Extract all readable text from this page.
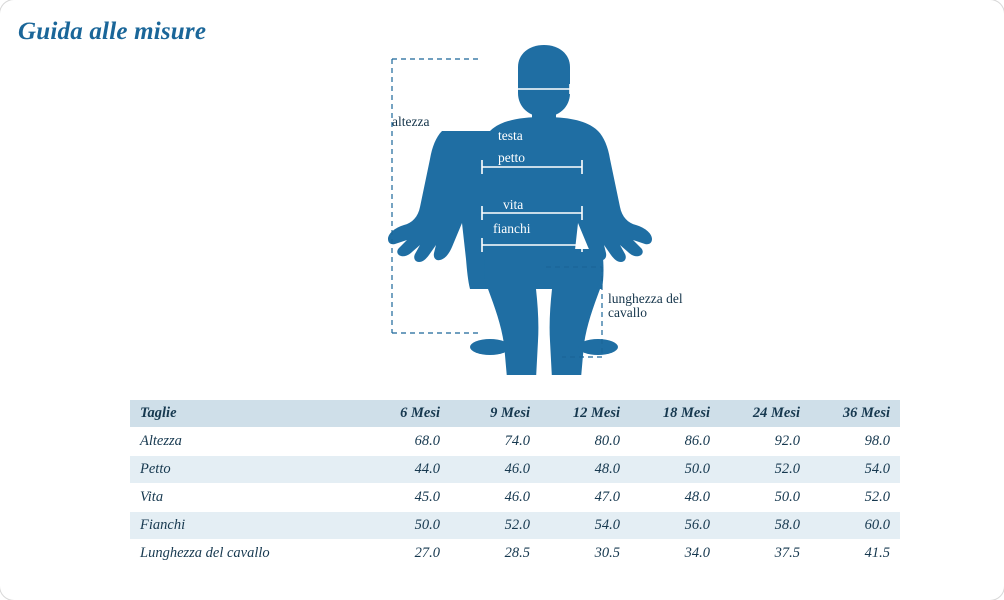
Guida alle misure
altezza
testa
petto
vita
fianchi
lunghezza del
cavallo
Taglie	6 Mesi	9 Mesi	12 Mesi	18 Mesi	24 Mesi	36 Mesi
Altezza	68.0	74.0	80.0	86.0	92.0	98.0
Petto	44.0	46.0	48.0	50.0	52.0	54.0
Vita	45.0	46.0	47.0	48.0	50.0	52.0
Fianchi	50.0	52.0	54.0	56.0	58.0	60.0
Lunghezza del cavallo	27.0	28.5	30.5	34.0	37.5	41.5
